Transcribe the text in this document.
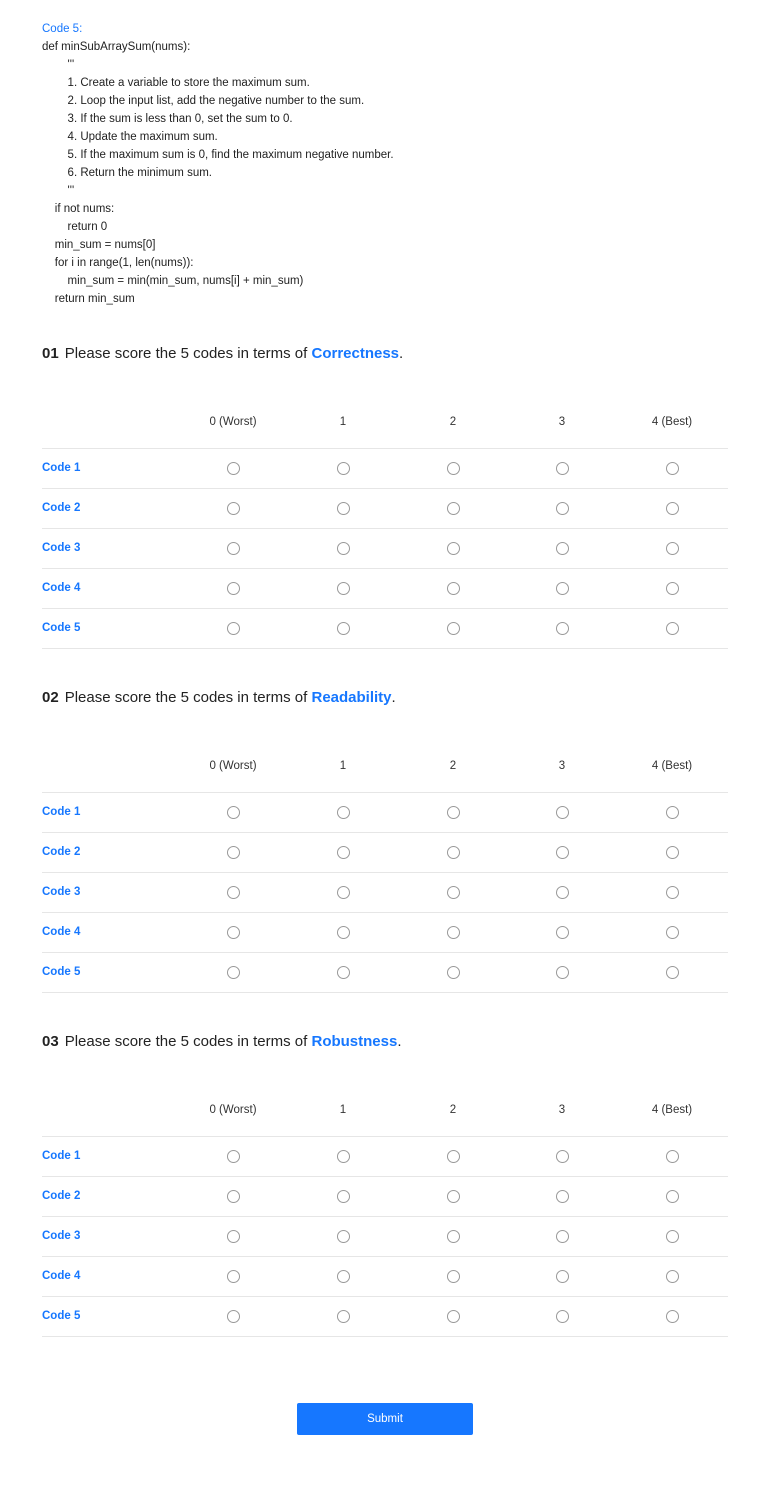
Code 5:
def minSubArraySum(nums):
'''
1. Create a variable to store the maximum sum.
2. Loop the input list, add the negative number to the sum.
3. If the sum is less than 0, set the sum to 0.
4. Update the maximum sum.
5. If the maximum sum is 0, find the maximum negative number.
6. Return the minimum sum.
'''
if not nums:
return 0
min_sum = nums[0]
for i in range(1, len(nums)):
min_sum = min(min_sum, nums[i] + min_sum)
return min_sum
01 Please score the 5 codes in terms of Correctness.
0 (Worst)	1	2	3	4 (Best)
Code 1
Code 2
Code 3
Code 4
Code 5
02 Please score the 5 codes in terms of Readability.
0 (Worst)	1	2	3	4 (Best)
Code 1
Code 2
Code 3
Code 4
Code 5
03 Please score the 5 codes in terms of Robustness.
0 (Worst)	1	2	3	4 (Best)
Code 1
Code 2
Code 3
Code 4
Code 5
Submit
